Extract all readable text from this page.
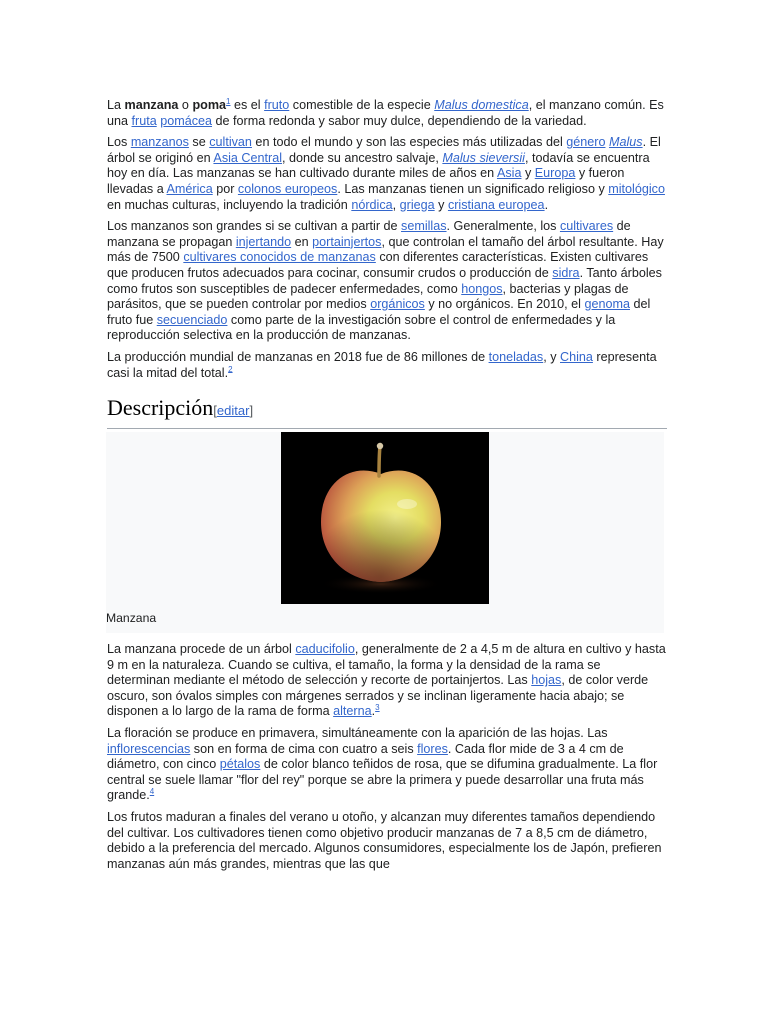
La manzana o poma$^1$ es el fruto comestible de la especie Malus domestica, el manzano común. Es una fruta pomácea de forma redonda y sabor muy dulce, dependiendo de la variedad.

Los manzanos se cultivan en todo el mundo y son las especies más utilizadas del género Malus. El árbol se originó en Asia Central, donde su ancestro salvaje, Malus sieversii, todavía se encuentra hoy en día. Las manzanas se han cultivado durante miles de años en Asia y Europa y fueron llevadas a América por colonos europeos. Las manzanas tienen un significado religioso y mitológico en muchas culturas, incluyendo la tradición nórdica, griega y cristiana europea.

Los manzanos son grandes si se cultivan a partir de semillas. Generalmente, los cultivares de manzana se propagan injertando en portainjertos, que controlan el tamaño del árbol resultante. Hay más de 7500 cultivares conocidos de manzanas con diferentes características. Existen cultivares que producen frutos adecuados para cocinar, consumir crudos o producción de sidra. Tanto árboles como frutos son susceptibles de padecer enfermedades, como hongos, bacterias y plagas de parásitos, que se pueden controlar por medios orgánicos y no orgánicos. En 2010, el genoma del fruto fue secuenciado como parte de la investigación sobre el control de enfermedades y la reproducción selectiva en la producción de manzanas.

La producción mundial de manzanas en 2018 fue de 86 millones de toneladas, y China representa casi la mitad del total.$^2$

Descripción[editar]
Manzana

La manzana procede de un árbol caducifolio, generalmente de 2 a 4,5 m de altura en cultivo y hasta 9 m en la naturaleza. Cuando se cultiva, el tamaño, la forma y la densidad de la rama se determinan mediante el método de selección y recorte de portainjertos. Las hojas, de color verde oscuro, son óvalos simples con márgenes serrados y se inclinan ligeramente hacia abajo; se disponen a lo largo de la rama de forma alterna.$^3$

La floración se produce en primavera, simultáneamente con la aparición de las hojas. Las inflorescencias son en forma de cima con cuatro a seis flores. Cada flor mide de 3 a 4 cm de diámetro, con cinco pétalos de color blanco teñidos de rosa, que se difumina gradualmente. La flor central se suele llamar "flor del rey" porque se abre la primera y puede desarrollar una fruta más grande.$^4$

Los frutos maduran a finales del verano u otoño, y alcanzan muy diferentes tamaños dependiendo del cultivar. Los cultivadores tienen como objetivo producir manzanas de 7 a 8,5 cm de diámetro, debido a la preferencia del mercado. Algunos consumidores, especialmente los de Japón, prefieren manzanas aún más grandes, mientras que las que
